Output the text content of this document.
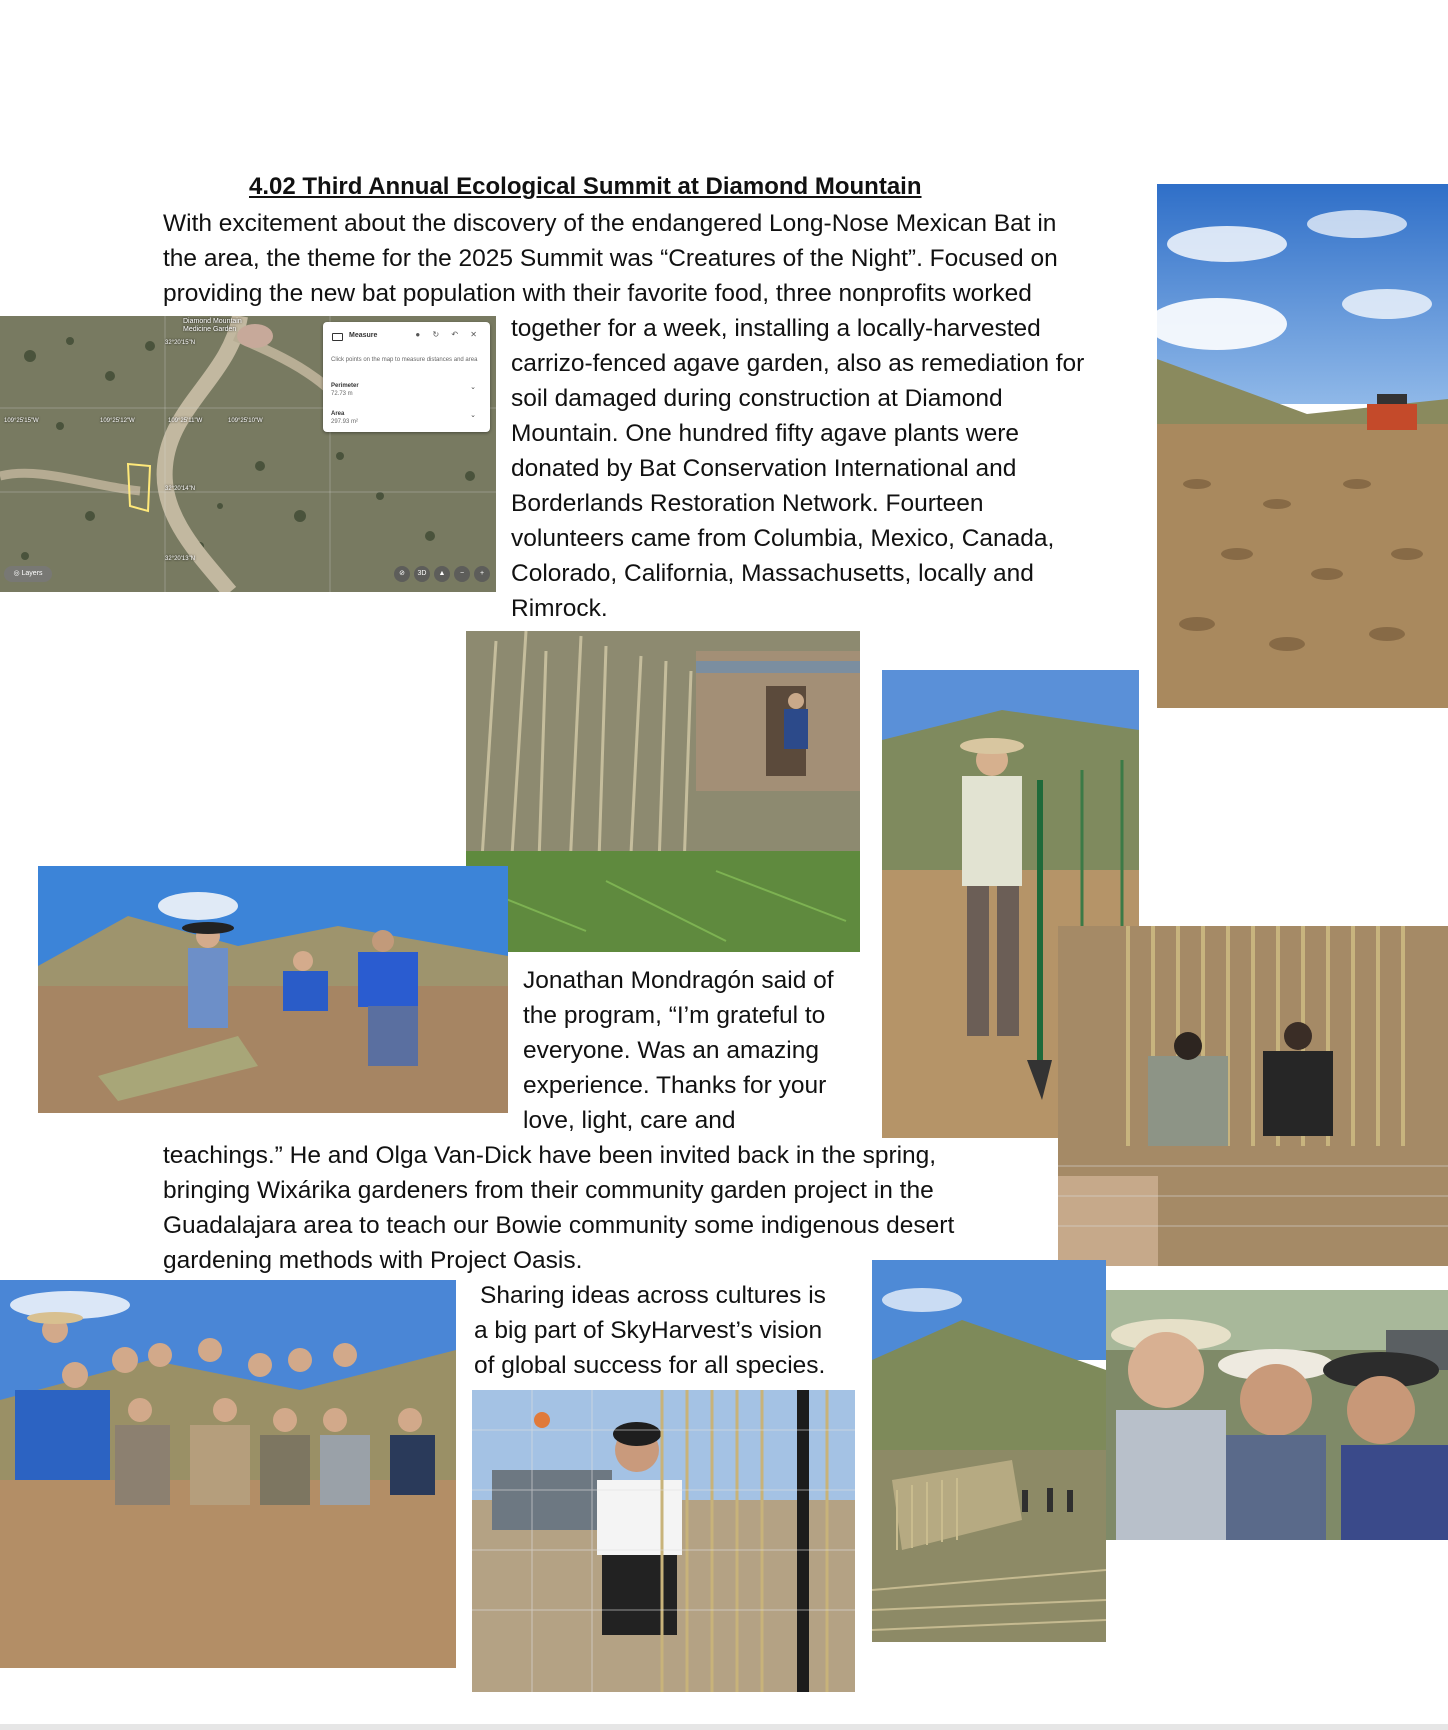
4.02 Third Annual Ecological Summit at Diamond Mountain
With excitement about the discovery of the endangered Long-Nose Mexican Bat in
the area, the theme for the 2025 Summit was “Creatures of the Night”. Focused on
providing the new bat population with their favorite food, three nonprofits worked
together for a week, installing a locally-harvested
carrizo-fenced agave garden, also as remediation for
soil damaged during construction at Diamond
Mountain. One hundred fifty agave plants were
donated by Bat Conservation International and
Borderlands Restoration Network. Fourteen
volunteers came from Columbia, Mexico, Canada,
Colorado, California, Massachusetts, locally and
Rimrock.
Jonathan Mondragón said of
the program, “I’m grateful to
everyone. Was an amazing
experience. Thanks for your
love, light, care and
teachings.” He and Olga Van-Dick have been invited back in the spring,
bringing Wixárika gardeners from their community garden project in the
Guadalajara area to teach our Bowie community some indigenous desert
gardening methods with Project Oasis.
Sharing ideas across cultures is
a big part of SkyHarvest’s vision
of global success for all species.
Diamond Mountain
Medicine Garden
32°20'15"N
109°25'15"W	109°25'12"W	109°25'11"W	109°25'10"W
32°20'14"N
32°20'13"N
Measure	● ↻ ↶ ✕
Click points on the map to measure distances and area
Perimeter
72.73 m
⌄
Area
297.93 m²
⌄
◎ Layers	⊘	3D	▲	−	+
